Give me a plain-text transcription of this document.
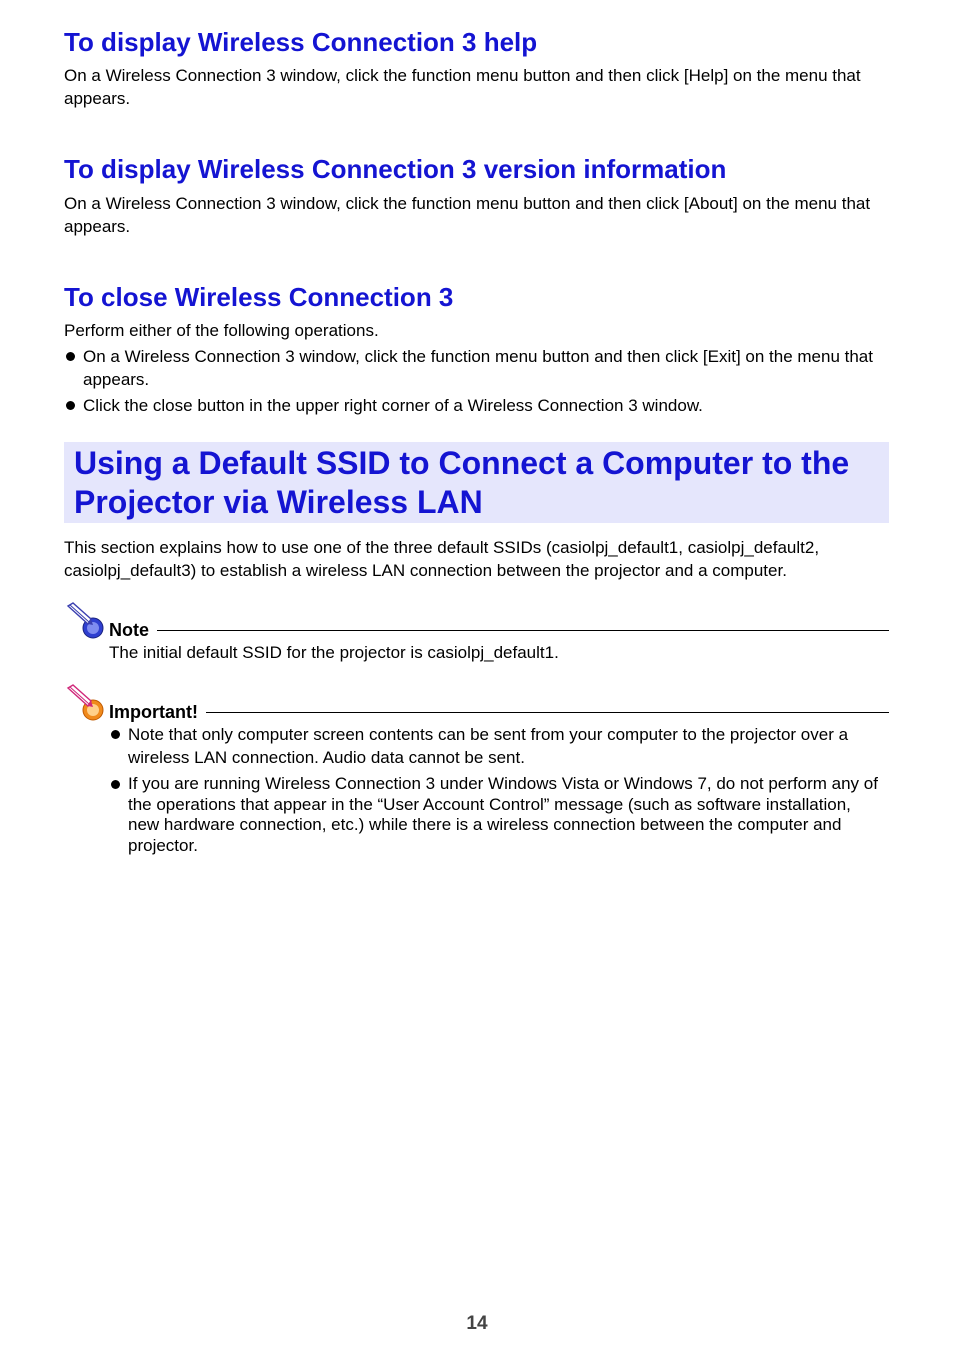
To display Wireless Connection 3 help

On a Wireless Connection 3 window, click the function menu button and then click [Help] on the menu that appears.

To display Wireless Connection 3 version information

On a Wireless Connection 3 window, click the function menu button and then click [About] on the menu that appears.

To close Wireless Connection 3

Perform either of the following operations.

On a Wireless Connection 3 window, click the function menu button and then click [Exit] on the menu that appears.
Click the close button in the upper right corner of a Wireless Connection 3 window.
Using a Default SSID to Connect a Computer to the
Projector via Wireless LAN

This section explains how to use one of the three default SSIDs (casiolpj_default1, casiolpj_default2, casiolpj_default3) to establish a wireless LAN connection between the projector and a computer.

Note

The initial default SSID for the projector is casiolpj_default1.

Important!
Note that only computer screen contents can be sent from your computer to the projector over a wireless LAN connection. Audio data cannot be sent.
If you are running Wireless Connection 3 under Windows Vista or Windows 7, do not perform any of the operations that appear in the “User Account Control” message (such as software installation, new hardware connection, etc.) while there is a wireless connection between the computer and projector.
14
